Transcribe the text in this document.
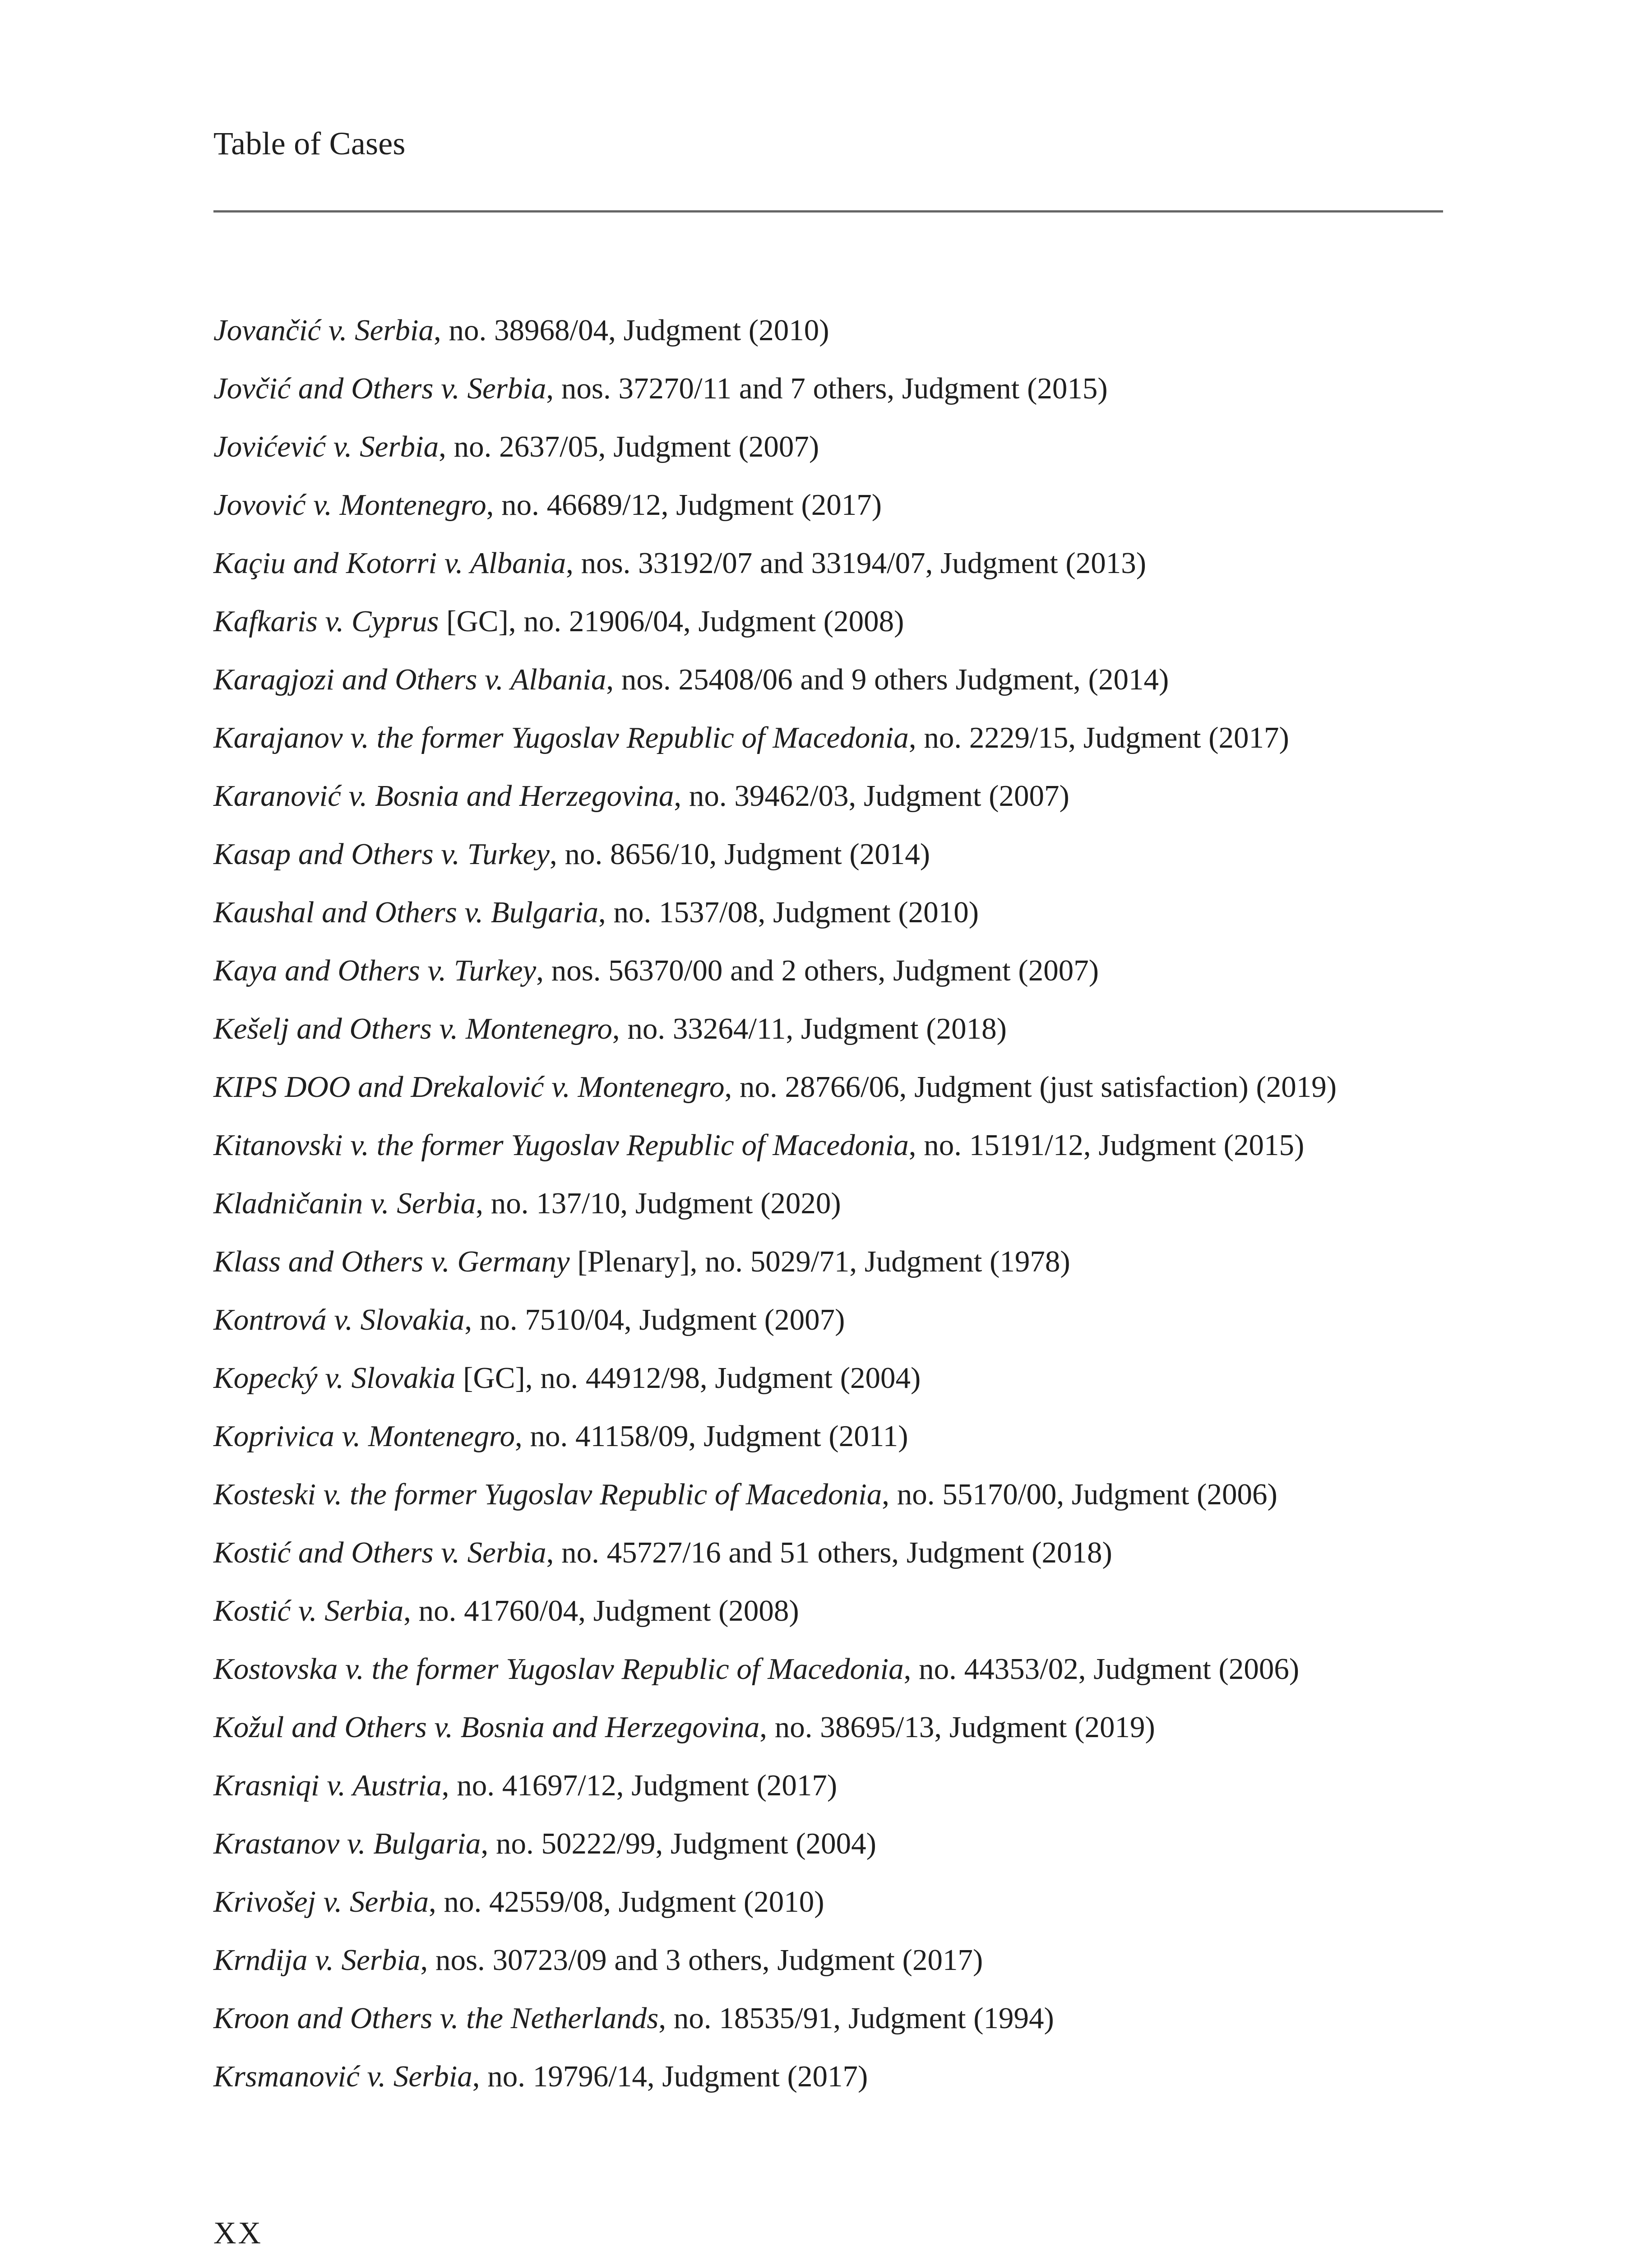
Table of Cases
Jovančić v. Serbia, no. 38968/04, Judgment (2010)
Jovčić and Others v. Serbia, nos. 37270/11 and 7 others, Judgment (2015)
Jovićević v. Serbia, no. 2637/05, Judgment (2007)
Jovović v. Montenegro, no. 46689/12, Judgment (2017)
Kaçiu and Kotorri v. Albania, nos. 33192/07 and 33194/07, Judgment (2013)
Kafkaris v. Cyprus [GC], no. 21906/04, Judgment (2008)
Karagjozi and Others v. Albania, nos. 25408/06 and 9 others Judgment, (2014)
Karajanov v. the former Yugoslav Republic of Macedonia, no. 2229/15, Judgment (2017)
Karanović v. Bosnia and Herzegovina, no. 39462/03, Judgment (2007)
Kasap and Others v. Turkey, no. 8656/10, Judgment (2014)
Kaushal and Others v. Bulgaria, no. 1537/08, Judgment (2010)
Kaya and Others v. Turkey, nos. 56370/00 and 2 others, Judgment (2007)
Kešelj and Others v. Montenegro, no. 33264/11, Judgment (2018)
KIPS DOO and Drekalović v. Montenegro, no. 28766/06, Judgment (just satisfaction) (2019)
Kitanovski v. the former Yugoslav Republic of Macedonia, no. 15191/12, Judgment (2015)
Kladničanin v. Serbia, no. 137/10, Judgment (2020)
Klass and Others v. Germany [Plenary], no. 5029/71, Judgment (1978)
Kontrová v. Slovakia, no. 7510/04, Judgment (2007)
Kopecký v. Slovakia [GC], no. 44912/98, Judgment (2004)
Koprivica v. Montenegro, no. 41158/09, Judgment (2011)
Kosteski v. the former Yugoslav Republic of Macedonia, no. 55170/00, Judgment (2006)
Kostić and Others v. Serbia, no. 45727/16 and 51 others, Judgment (2018)
Kostić v. Serbia, no. 41760/04, Judgment (2008)
Kostovska v. the former Yugoslav Republic of Macedonia, no. 44353/02, Judgment (2006)
Kožul and Others v. Bosnia and Herzegovina, no. 38695/13, Judgment (2019)
Krasniqi v. Austria, no. 41697/12, Judgment (2017)
Krastanov v. Bulgaria, no. 50222/99, Judgment (2004)
Krivošej v. Serbia, no. 42559/08, Judgment (2010)
Krndija v. Serbia, nos. 30723/09 and 3 others, Judgment (2017)
Kroon and Others v. the Netherlands, no. 18535/91, Judgment (1994)
Krsmanović v. Serbia, no. 19796/14, Judgment (2017)
XX
